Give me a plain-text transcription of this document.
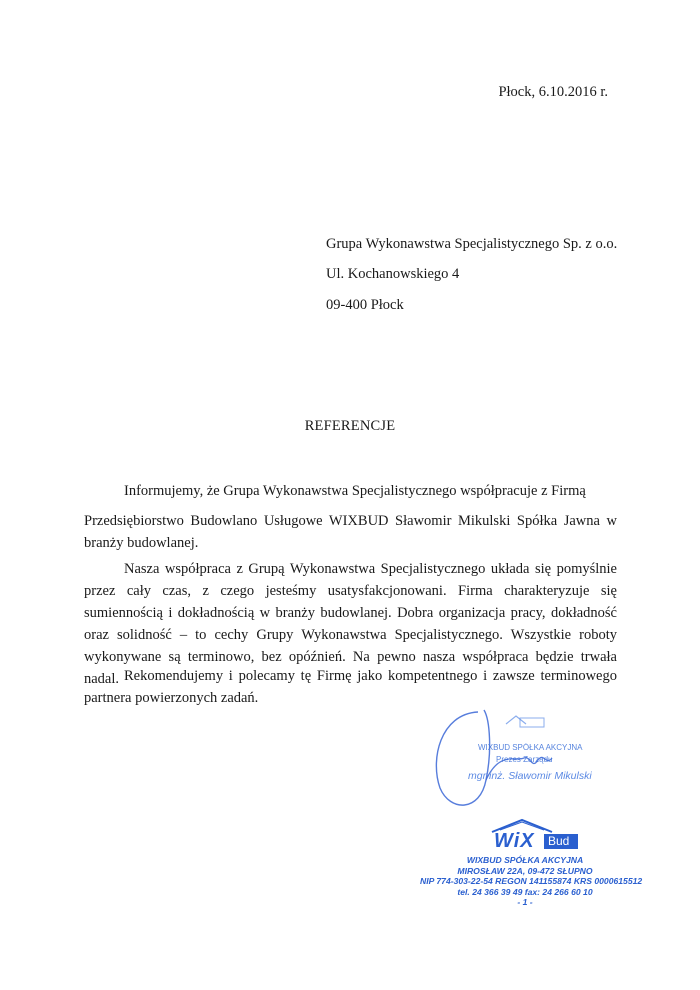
Płock, 6.10.2016 r.
Grupa Wykonawstwa Specjalistycznego Sp. z o.o.
Ul. Kochanowskiego 4
09-400 Płock
REFERENCJE
Informujemy, że Grupa Wykonawstwa Specjalistycznego współpracuje z Firmą
Przedsiębiorstwo Budowlano Usługowe WIXBUD Sławomir Mikulski Spółka Jawna w branży budowlanej.
Nasza współpraca z Grupą Wykonawstwa Specjalistycznego układa się pomyślnie przez cały czas, z czego jesteśmy usatysfakcjonowani. Firma charakteryzuje się sumiennością i dokładnością w branży budowlanej. Dobra organizacja pracy, dokładność oraz solidność – to cechy Grupy Wykonawstwa Specjalistycznego. Wszystkie roboty wykonywane są terminowo, bez opóźnień. Na pewno nasza współpraca będzie trwała nadal. Rekomendujemy i polecamy tę Firmę jako kompetentnego i zawsze terminowego partnera powierzonych zadań.
WIXBUD SPÓŁKA AKCYJNA
Prezes Zarządu
mgr inż. Sławomir Mikulski
WiX Bud
WIXBUD SPÓŁKA AKCYJNA
MIROSŁAW 22A, 09-472 SŁUPNO
NIP 774-303-22-54 REGON 141155874 KRS 0000615512
tel. 24 366 39 49 fax: 24 266 60 10
- 1 -
